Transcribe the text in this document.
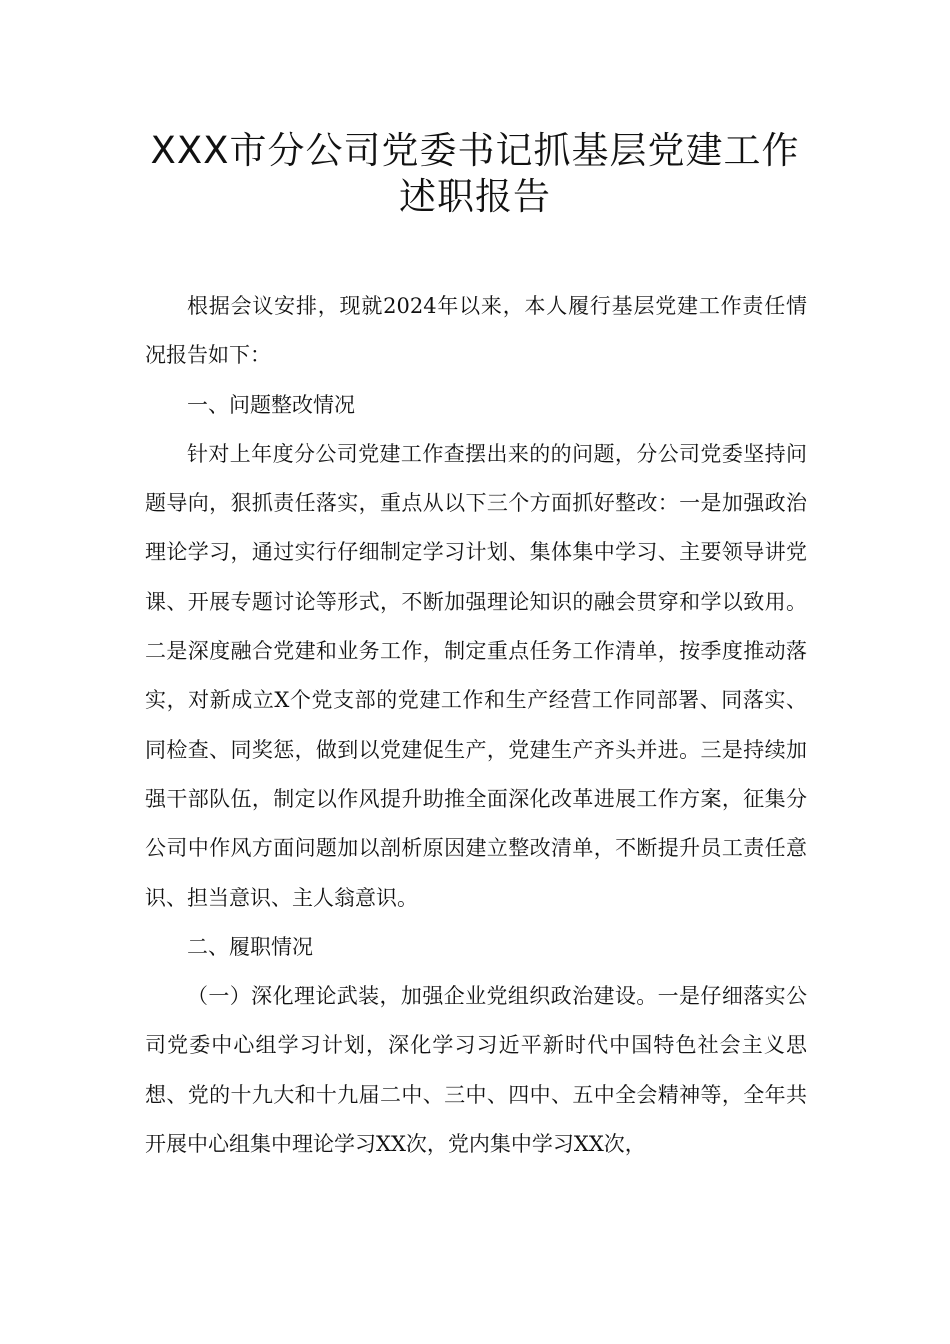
XXX市分公司党委书记抓基层党建工作
述职报告

根据会议安排，现就2024年以来，本人履行基层党建工作责任情况报告如下：

一、问题整改情况

针对上年度分公司党建工作查摆出来的的问题，分公司党委坚持问题导向，狠抓责任落实，重点从以下三个方面抓好整改：一是加强政治理论学习，通过实行仔细制定学习计划、集体集中学习、主要领导讲党课、开展专题讨论等形式，不断加强理论知识的融会贯穿和学以致用。二是深度融合党建和业务工作，制定重点任务工作清单，按季度推动落实，对新成立X个党支部的党建工作和生产经营工作同部署、同落实、同检查、同奖惩，做到以党建促生产，党建生产齐头并进。三是持续加强干部队伍，制定以作风提升助推全面深化改革进展工作方案，征集分公司中作风方面问题加以剖析原因建立整改清单，不断提升员工责任意识、担当意识、主人翁意识。

二、履职情况

（一）深化理论武装，加强企业党组织政治建设。一是仔细落实公司党委中心组学习计划，深化学习习近平新时代中国特色社会主义思想、党的十九大和十九届二中、三中、四中、五中全会精神等，全年共开展中心组集中理论学习XX次，党内集中学习XX次，
